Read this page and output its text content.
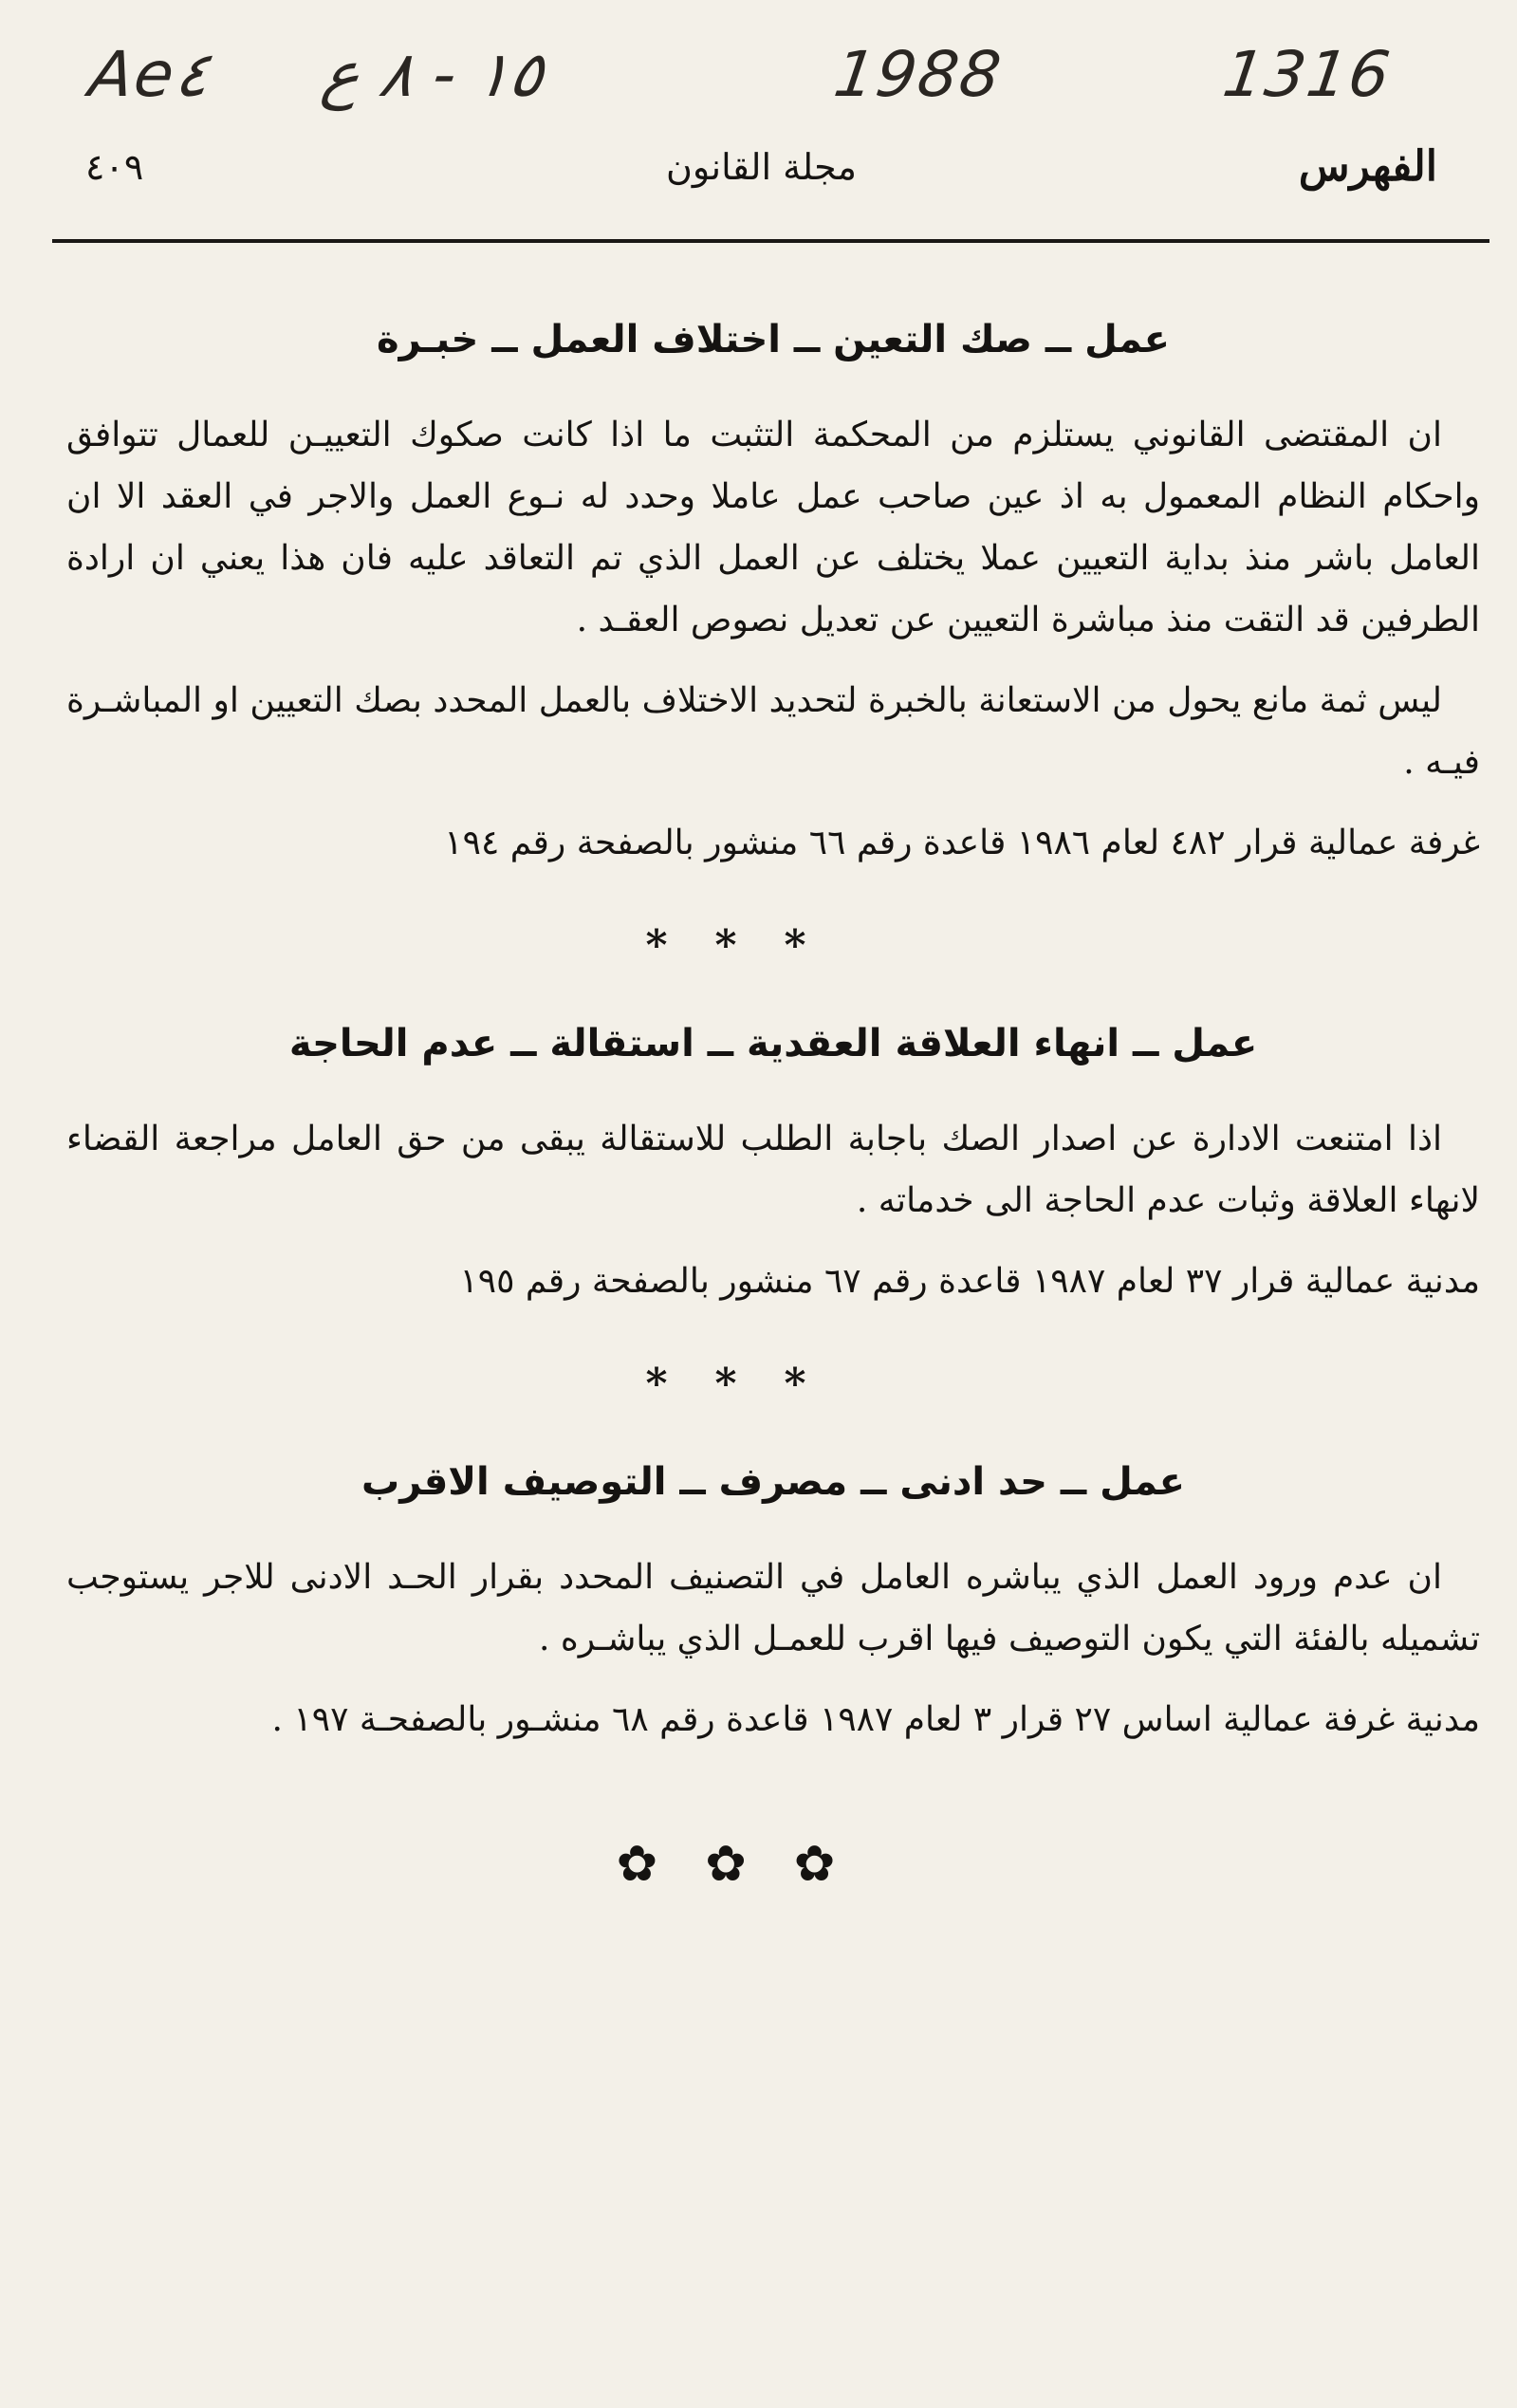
Ae٤ ١٥ - ٨ ع	1988	1316
الفهرس
مجلة القانون
٤٠٩
عمل ــ صك التعين ــ اختلاف العمل ــ خبـرة

ان المقتضى القانوني يستلزم من المحكمة التثبت ما اذا كانت صكوك التعييـن للعمال تتوافق واحكام النظام المعمول به اذ عين صاحب عمل عاملا وحدد له نـوع العمل والاجر في العقد الا ان العامل باشر منذ بداية التعيين عملا يختلف عن العمل الذي تم التعاقد عليه فان هذا يعني ان ارادة الطرفين قد التقت منذ مباشرة التعيين عن تعديل نصوص العقـد .

ليس ثمة مانع يحول من الاستعانة بالخبرة لتحديد الاختلاف بالعمل المحدد بصك التعيين او المباشـرة فيـه .

غرفة عمالية قرار ٤٨٢ لعام ١٩٨٦ قاعدة رقم ٦٦ منشور بالصفحة رقم ١٩٤

***
عمل ــ انهاء العلاقة العقدية ــ استقالة ــ عدم الحاجة

اذا امتنعت الادارة عن اصدار الصك باجابة الطلب للاستقالة يبقى من حق العامل مراجعة القضاء لانهاء العلاقة وثبات عدم الحاجة الى خدماته .

مدنية عمالية قرار ٣٧ لعام ١٩٨٧ قاعدة رقم ٦٧ منشور بالصفحة رقم ١٩٥

***
عمل ــ حد ادنى ــ مصرف ــ التوصيف الاقرب

ان عدم ورود العمل الذي يباشره العامل في التصنيف المحدد بقرار الحـد الادنى للاجر يستوجب تشميله بالفئة التي يكون التوصيف فيها اقرب للعمـل الذي يباشـره .

مدنية غرفة عمالية اساس ٢٧ قرار ٣ لعام ١٩٨٧ قاعدة رقم ٦٨ منشـور بالصفحـة ١٩٧ .

✿✿✿
